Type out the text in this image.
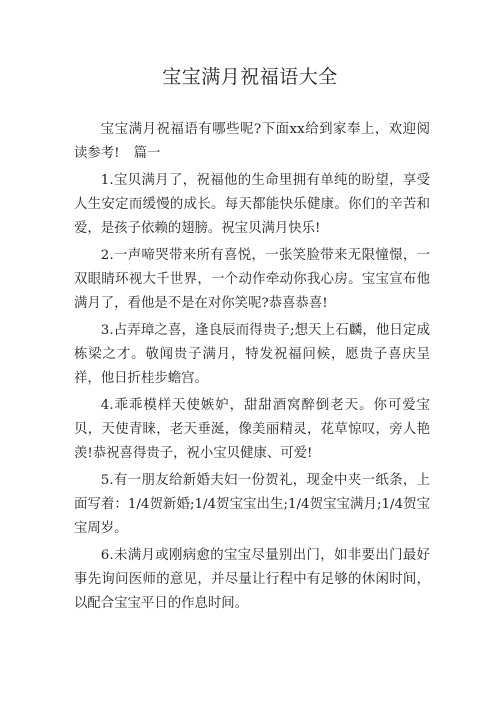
宝宝满月祝福语大全

宝宝满月祝福语有哪些呢?下面xx给到家奉上，欢迎阅读参考! 篇一

1.宝贝满月了，祝福他的生命里拥有单纯的盼望，享受人生安定而缓慢的成长。每天都能快乐健康。你们的辛苦和爱，是孩子依赖的翅膀。祝宝贝满月快乐!

2.一声啼哭带来所有喜悦，一张笑脸带来无限憧憬，一双眼睛环视大千世界，一个动作牵动你我心房。宝宝宣布他满月了，看他是不是在对你笑呢?恭喜恭喜!

3.占弄璋之喜，逢良辰而得贵子;想天上石麟，他日定成栋梁之才。敬闻贵子满月，特发祝福问候，愿贵子喜庆呈祥，他日折桂步蟾宫。

4.乖乖模样天使嫉妒，甜甜酒窝醉倒老天。你可爱宝贝，天使青睐，老天垂涎，像美丽精灵，花草惊叹，旁人艳羡!恭祝喜得贵子，祝小宝贝健康、可爱!

5.有一朋友给新婚夫妇一份贺礼，现金中夹一纸条，上面写着：1/4贺新婚;1/4贺宝宝出生;1/4贺宝宝满月;1/4贺宝宝周岁。

6.未满月或刚病愈的宝宝尽量别出门，如非要出门最好事先询问医师的意见，并尽量让行程中有足够的休闲时间，以配合宝宝平日的作息时间。
